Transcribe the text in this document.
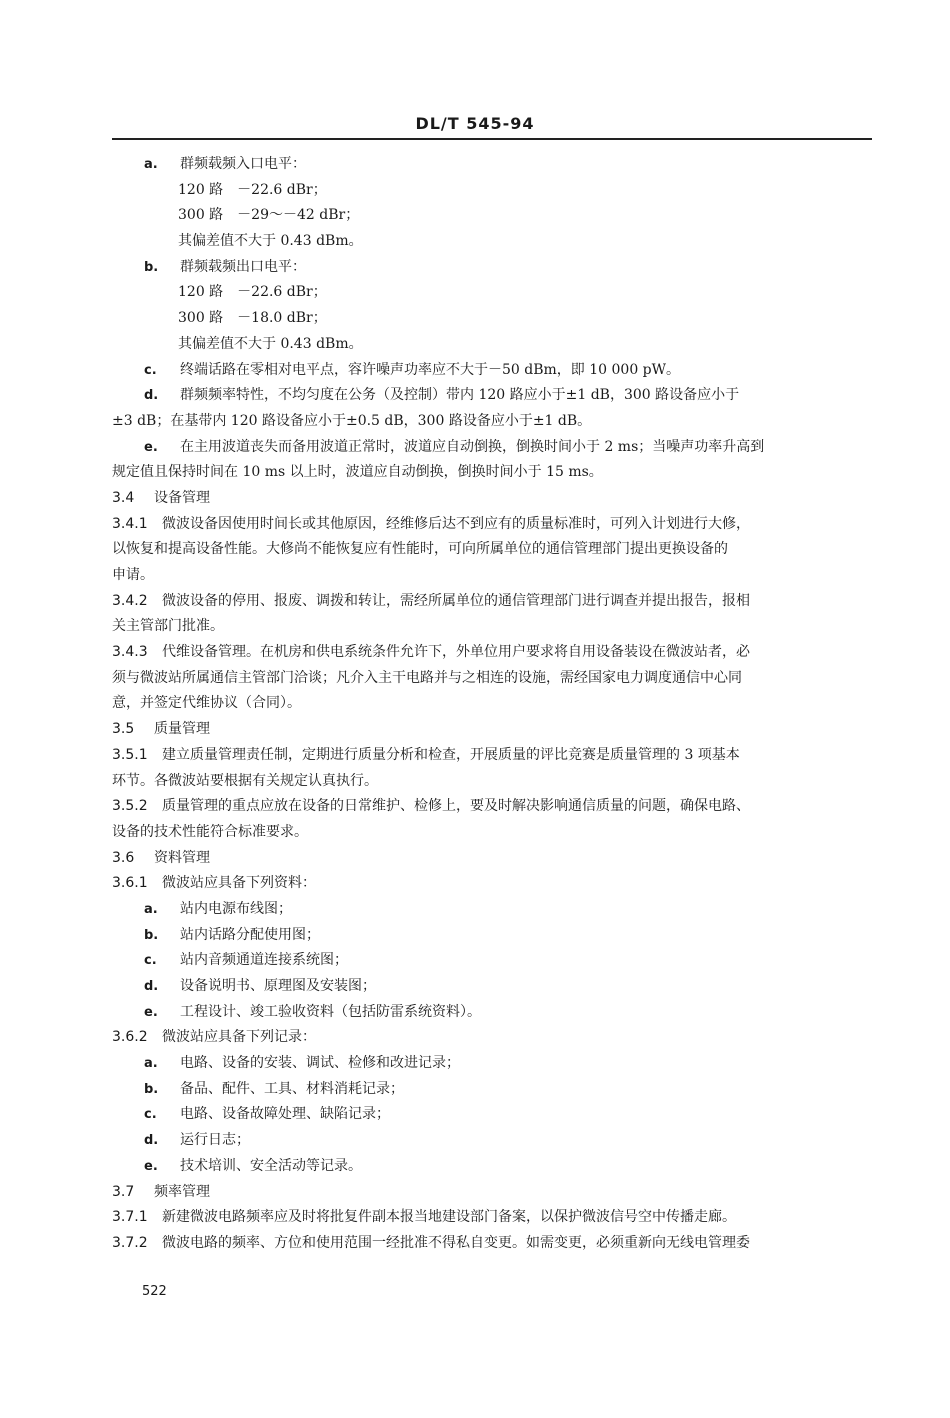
DL/T 545-94
a. 群频载频入口电平：
120 路　－22.6 dBr；
300 路　－29～－42 dBr；
其偏差值不大于 0.43 dBm。
b. 群频载频出口电平：
120 路　－22.6 dBr；
300 路　－18.0 dBr；
其偏差值不大于 0.43 dBm。
c. 终端话路在零相对电平点，容许噪声功率应不大于－50 dBm，即 10 000 pW。
d. 群频频率特性，不均匀度在公务（及控制）带内 120 路应小于±1 dB，300 路设备应小于
±3 dB；在基带内 120 路设备应小于±0.5 dB，300 路设备应小于±1 dB。
e. 在主用波道丧失而备用波道正常时，波道应自动倒换，倒换时间小于 2 ms；当噪声功率升高到
规定值且保持时间在 10 ms 以上时，波道应自动倒换，倒换时间小于 15 ms。
3.4 设备管理
3.4.1 微波设备因使用时间长或其他原因，经维修后达不到应有的质量标准时，可列入计划进行大修，
以恢复和提高设备性能。大修尚不能恢复应有性能时，可向所属单位的通信管理部门提出更换设备的
申请。
3.4.2 微波设备的停用、报废、调拨和转让，需经所属单位的通信管理部门进行调查并提出报告，报相
关主管部门批准。
3.4.3 代维设备管理。在机房和供电系统条件允许下，外单位用户要求将自用设备装设在微波站者，必
须与微波站所属通信主管部门洽谈；凡介入主干电路并与之相连的设施，需经国家电力调度通信中心同
意，并签定代维协议（合同）。
3.5 质量管理
3.5.1 建立质量管理责任制，定期进行质量分析和检查，开展质量的评比竞赛是质量管理的 3 项基本
环节。各微波站要根据有关规定认真执行。
3.5.2 质量管理的重点应放在设备的日常维护、检修上，要及时解决影响通信质量的问题，确保电路、
设备的技术性能符合标准要求。
3.6 资料管理
3.6.1 微波站应具备下列资料：
a. 站内电源布线图；
b. 站内话路分配使用图；
c. 站内音频通道连接系统图；
d. 设备说明书、原理图及安装图；
e. 工程设计、竣工验收资料（包括防雷系统资料）。
3.6.2 微波站应具备下列记录：
a. 电路、设备的安装、调试、检修和改进记录；
b. 备品、配件、工具、材料消耗记录；
c. 电路、设备故障处理、缺陷记录；
d. 运行日志；
e. 技术培训、安全活动等记录。
3.7 频率管理
3.7.1 新建微波电路频率应及时将批复件副本报当地建设部门备案，以保护微波信号空中传播走廊。
3.7.2 微波电路的频率、方位和使用范围一经批准不得私自变更。如需变更，必须重新向无线电管理委
522
